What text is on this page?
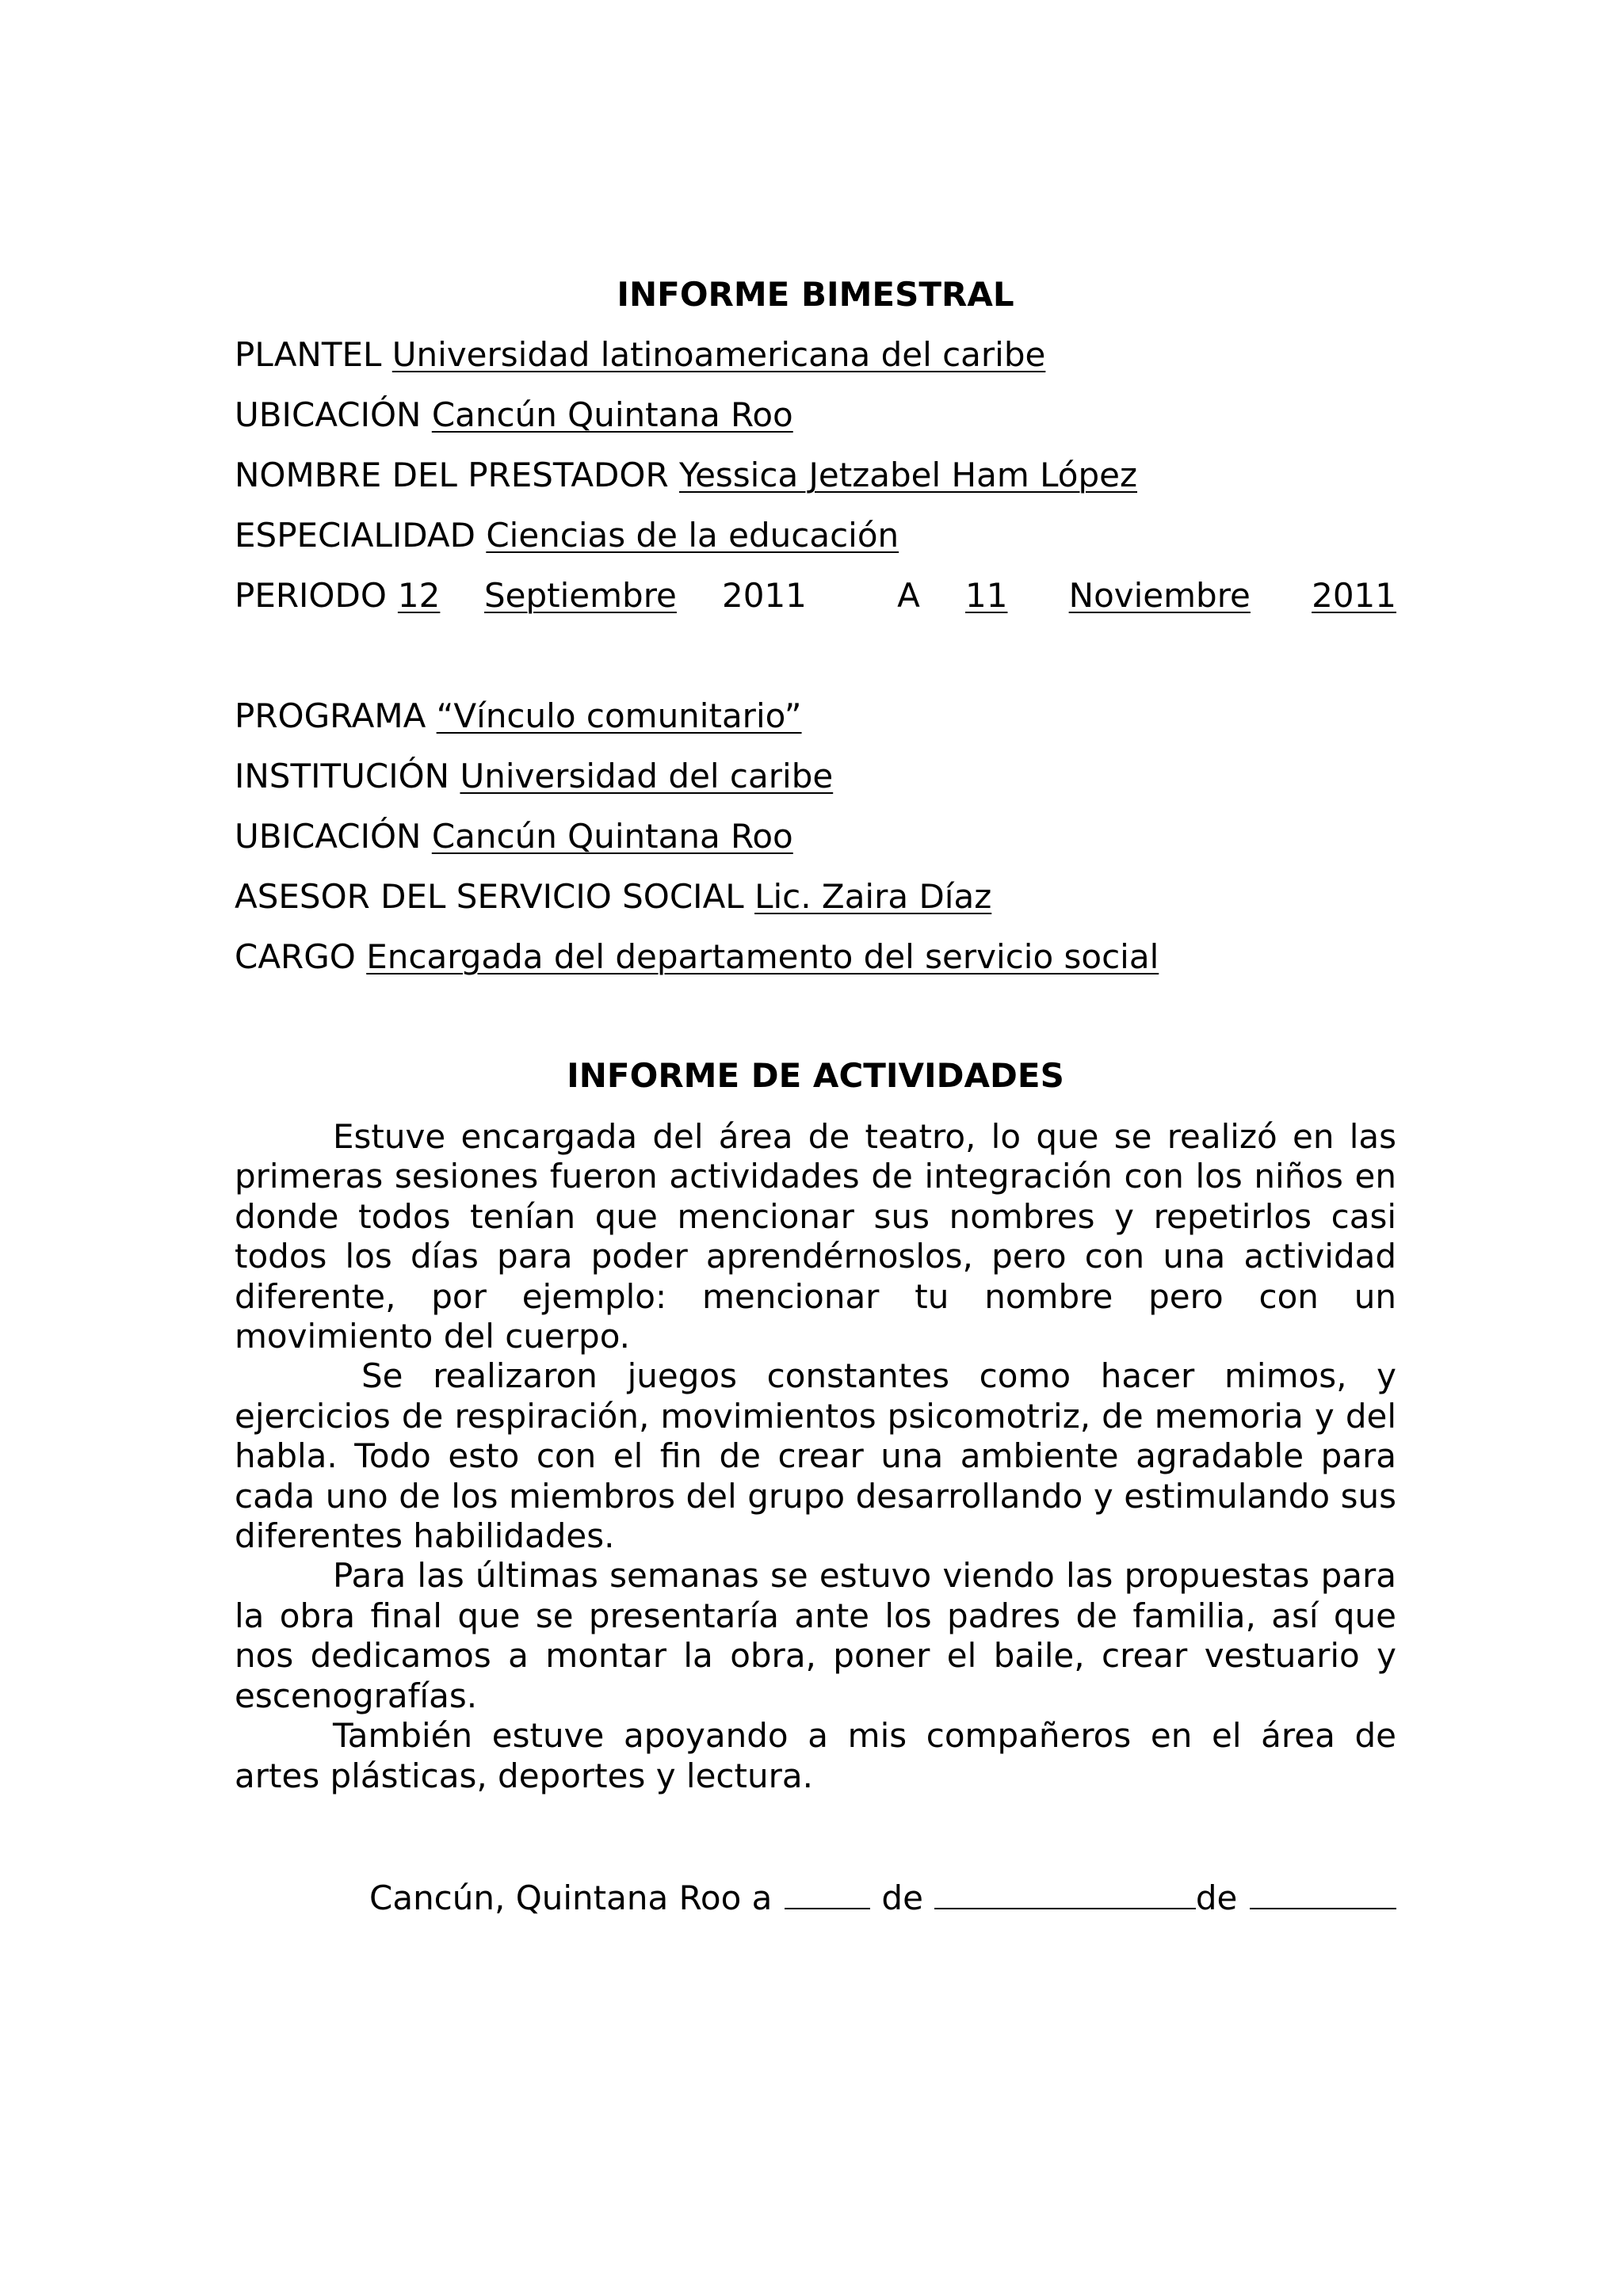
INFORME BIMESTRAL
PLANTEL Universidad latinoamericana del caribe
UBICACIÓN Cancún Quintana Roo
NOMBRE DEL PRESTADOR Yessica Jetzabel Ham López
ESPECIALIDAD Ciencias de la educación
PERIODO 12 Septiembre 2011	A 11 Noviembre 2011
PROGRAMA “Vínculo comunitario”
INSTITUCIÓN Universidad del caribe
UBICACIÓN Cancún Quintana Roo
ASESOR DEL SERVICIO SOCIAL Lic. Zaira Díaz
CARGO Encargada del departamento del servicio social
INFORME DE ACTIVIDADES

Estuve encargada del área de teatro, lo que se realizó en las primeras sesiones fueron actividades de integración con los niños en donde todos tenían que mencionar sus nombres y repetirlos casi todos los días para poder aprendérnoslos, pero con una actividad diferente, por ejemplo: mencionar tu nombre pero con un movimiento del cuerpo.

Se realizaron juegos constantes como hacer mimos, y ejercicios de respiración, movimientos psicomotriz, de memoria y del habla. Todo esto con el fin de crear una ambiente agradable para cada uno de los miembros del grupo desarrollando y estimulando sus diferentes habilidades.

Para las últimas semanas se estuvo viendo las propuestas para la obra final que se presentaría ante los padres de familia, así que nos dedicamos a montar la obra, poner el baile, crear vestuario y escenografías.

También estuve apoyando a mis compañeros en el área de artes plásticas, deportes y lectura.

Cancún, Quintana Roo a	de	de
